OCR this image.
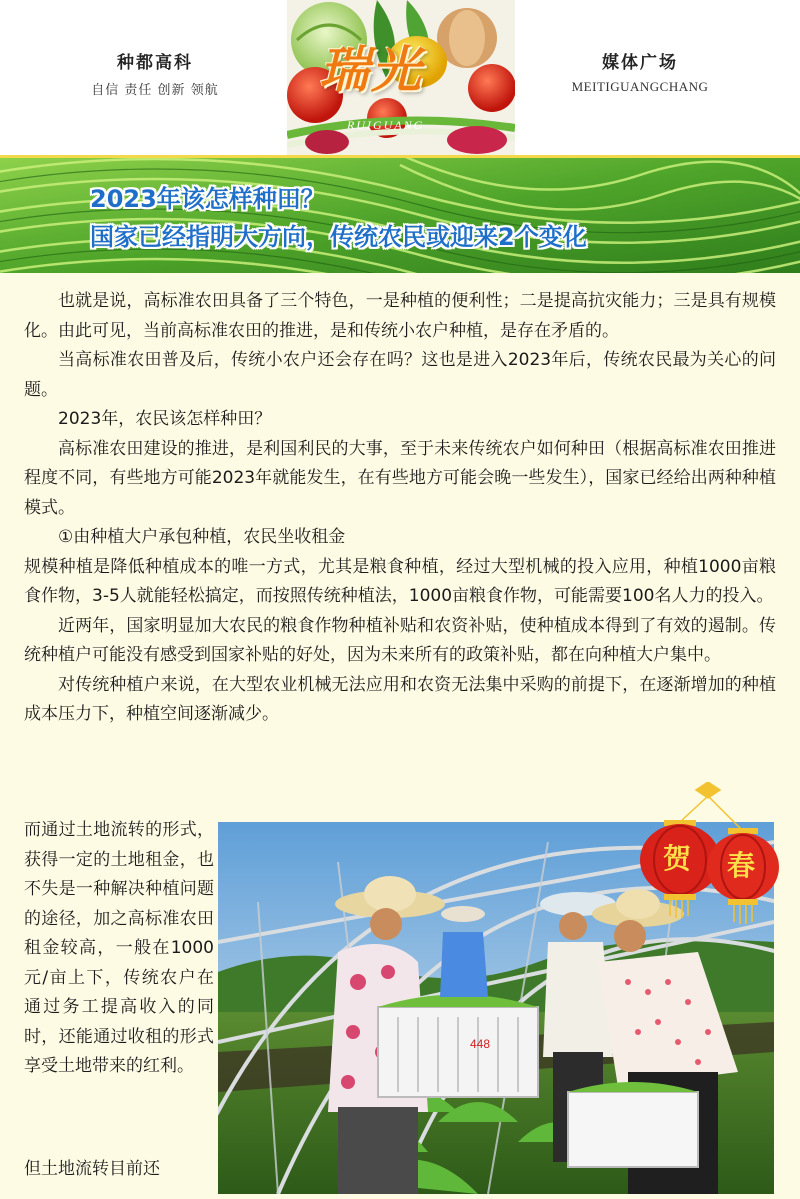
种都高科
自信 责任 创新 领航	瑞光
RUIGUANG
媒体广场
MEITIGUANGCHANG
2023年该怎样种田？
国家已经指明大方向，传统农民或迎来2个变化

也就是说，高标准农田具备了三个特色，一是种植的便利性；二是提高抗灾能力；三是具有规模化。由此可见，当前高标准农田的推进，是和传统小农户种植，是存在矛盾的。

当高标准农田普及后，传统小农户还会存在吗？这也是进入2023年后，传统农民最为关心的问题。

2023年，农民该怎样种田？

高标准农田建设的推进，是利国利民的大事，至于未来传统农户如何种田（根据高标准农田推进程度不同，有些地方可能2023年就能发生，在有些地方可能会晚一些发生），国家已经给出两种种植模式。

①由种植大户承包种植，农民坐收租金

规模种植是降低种植成本的唯一方式，尤其是粮食种植，经过大型机械的投入应用，种植1000亩粮食作物，3-5人就能轻松搞定，而按照传统种植法，1000亩粮食作物，可能需要100名人力的投入。

近两年，国家明显加大农民的粮食作物种植补贴和农资补贴，使种植成本得到了有效的遏制。传统种植户可能没有感受到国家补贴的好处，因为未来所有的政策补贴，都在向种植大户集中。

对传统种植户来说，在大型农业机械无法应用和农资无法集中采购的前提下，在逐渐增加的种植成本压力下，种植空间逐渐减少。

而通过土地流转的形式，获得一定的土地租金，也不失是一种解决种植问题的途径，加之高标准农田租金较高，一般在1000元/亩上下，传统农户在通过务工提高收入的同时，还能通过收租的形式享受土地带来的红利。
但土地流转目前还
448
贺 春
